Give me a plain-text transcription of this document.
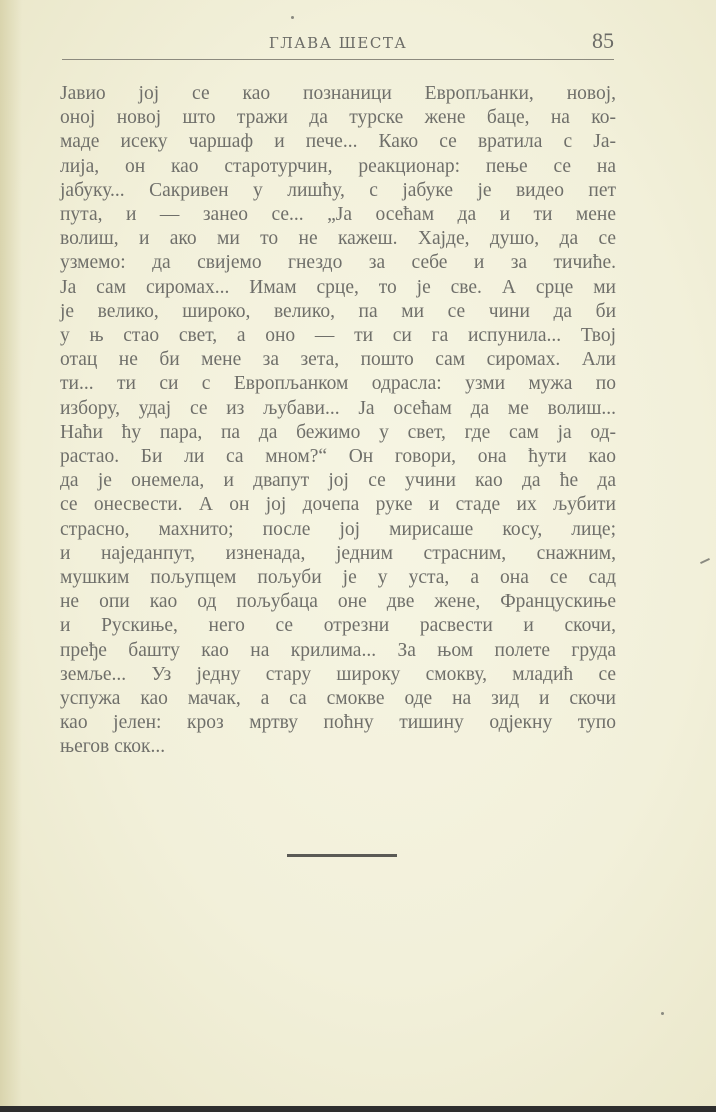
ГЛАВА ШЕСТА	85
Јавио јој се као познаници Европљанки, новој,
оној новој што тражи да турске жене баце, на ко-
маде исеку чаршаф и пече... Како се вратила с Ја-
лија, он као старотурчин, реакционар: пење се на
јабуку... Сакривен у лишћу, с јабуке је видео пет
пута, и — занео се... „Ја осећам да и ти мене
волиш, и ако ми то не кажеш. Хајде, душо, да се
узмемо: да свијемо гнездо за себе и за тичиће.
Ја сам сиромах... Имам срце, то је све. А срце ми
је велико, широко, велико, па ми се чини да би
у њ стао свет, а оно — ти си га испунила... Твој
отац не би мене за зета, пошто сам сиромах. Али
ти... ти си с Европљанком одрасла: узми мужа по
избору, удај се из љубави... Ја осећам да ме волиш...
Наћи ћу пара, па да бежимо у свет, где сам ја од-
растао. Би ли са мном?“ Он говори, она ћути као
да је онемела, и двапут јој се учини као да ће да
се онесвести. А он јој дочепа руке и стаде их љубити
страсно, махнито; после јој мирисаше косу, лице;
и наједанпут, изненада, једним страсним, снажним,
мушким пољупцем пољуби је у уста, а она се сад
не опи као од пољубаца оне две жене, Францускиње
и Рускиње, него се отрезни расвести и скочи,
пређе башту као на крилима... За њом полете груда
земље... Уз једну стару широку смокву, младић се
успужа као мачак, а са смокве оде на зид и скочи
као јелен: кроз мртву поћну тишину одјекну тупо
његов скок...
